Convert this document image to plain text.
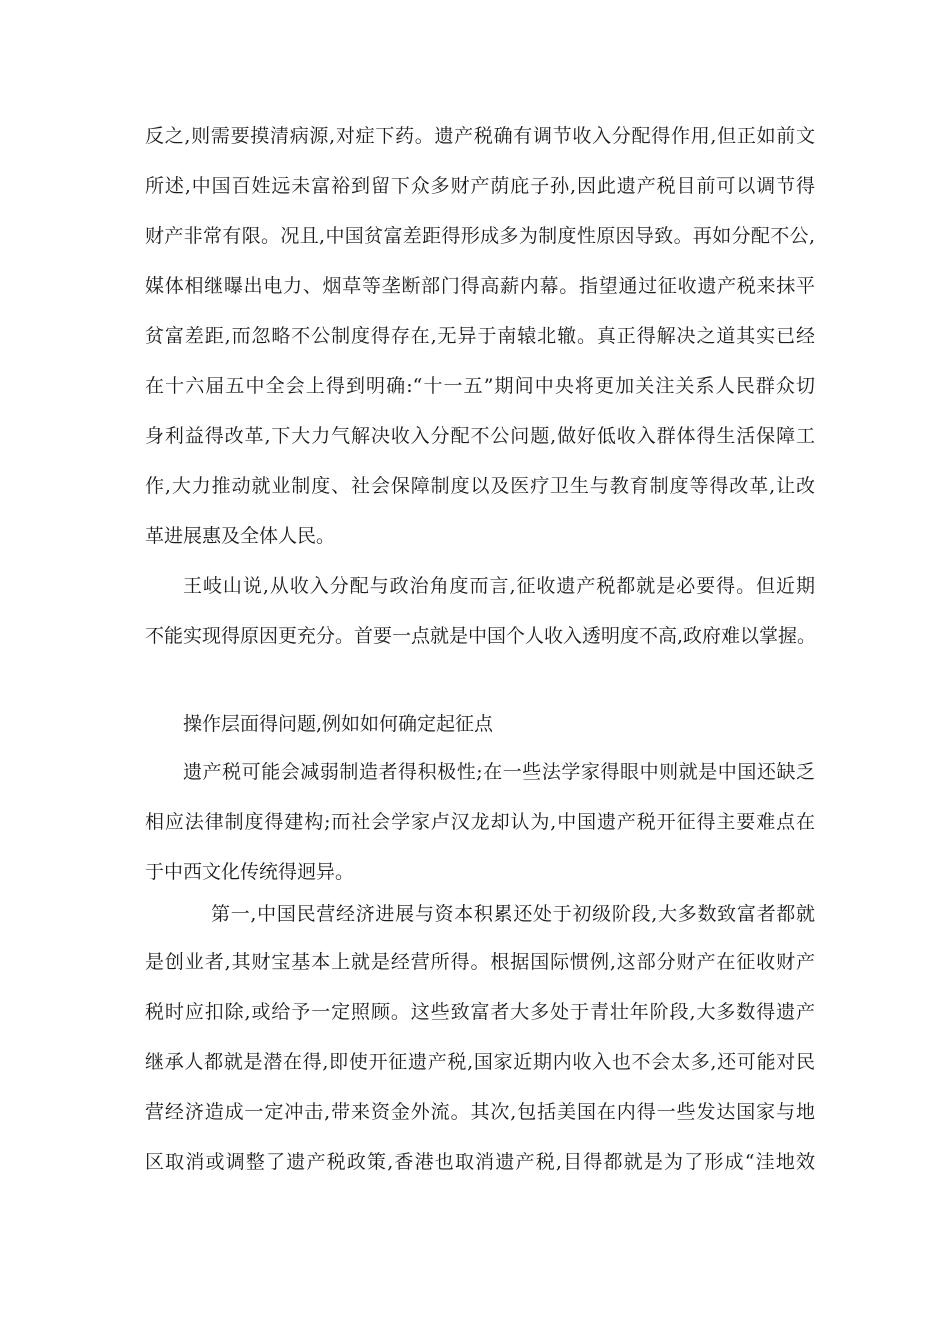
反之,则需要摸清病源,对症下药。遗产税确有调节收入分配得作用,但正如前文

所述,中国百姓远未富裕到留下众多财产荫庇子孙,因此遗产税目前可以调节得

财产非常有限。况且,中国贫富差距得形成多为制度性原因导致。再如分配不公,

媒体相继曝出电力、烟草等垄断部门得高薪内幕。指望通过征收遗产税来抹平

贫富差距,而忽略不公制度得存在,无异于南辕北辙。真正得解决之道其实已经

在十六届五中全会上得到明确:“十一五”期间中央将更加关注关系人民群众切

身利益得改革,下大力气解决收入分配不公问题,做好低收入群体得生活保障工

作,大力推动就业制度、社会保障制度以及医疗卫生与教育制度等得改革,让改

革进展惠及全体人民。

王岐山说,从收入分配与政治角度而言,征收遗产税都就是必要得。但近期

不能实现得原因更充分。首要一点就是中国个人收入透明度不高,政府难以掌握。

操作层面得问题,例如如何确定起征点

遗产税可能会减弱制造者得积极性;在一些法学家得眼中则就是中国还缺乏

相应法律制度得建构;而社会学家卢汉龙却认为,中国遗产税开征得主要难点在

于中西文化传统得迥异。

第一,中国民营经济进展与资本积累还处于初级阶段,大多数致富者都就

是创业者,其财宝基本上就是经营所得。根据国际惯例,这部分财产在征收财产

税时应扣除,或给予一定照顾。这些致富者大多处于青壮年阶段,大多数得遗产

继承人都就是潜在得,即使开征遗产税,国家近期内收入也不会太多,还可能对民

营经济造成一定冲击,带来资金外流。其次,包括美国在内得一些发达国家与地

区取消或调整了遗产税政策,香港也取消遗产税,目得都就是为了形成“洼地效
